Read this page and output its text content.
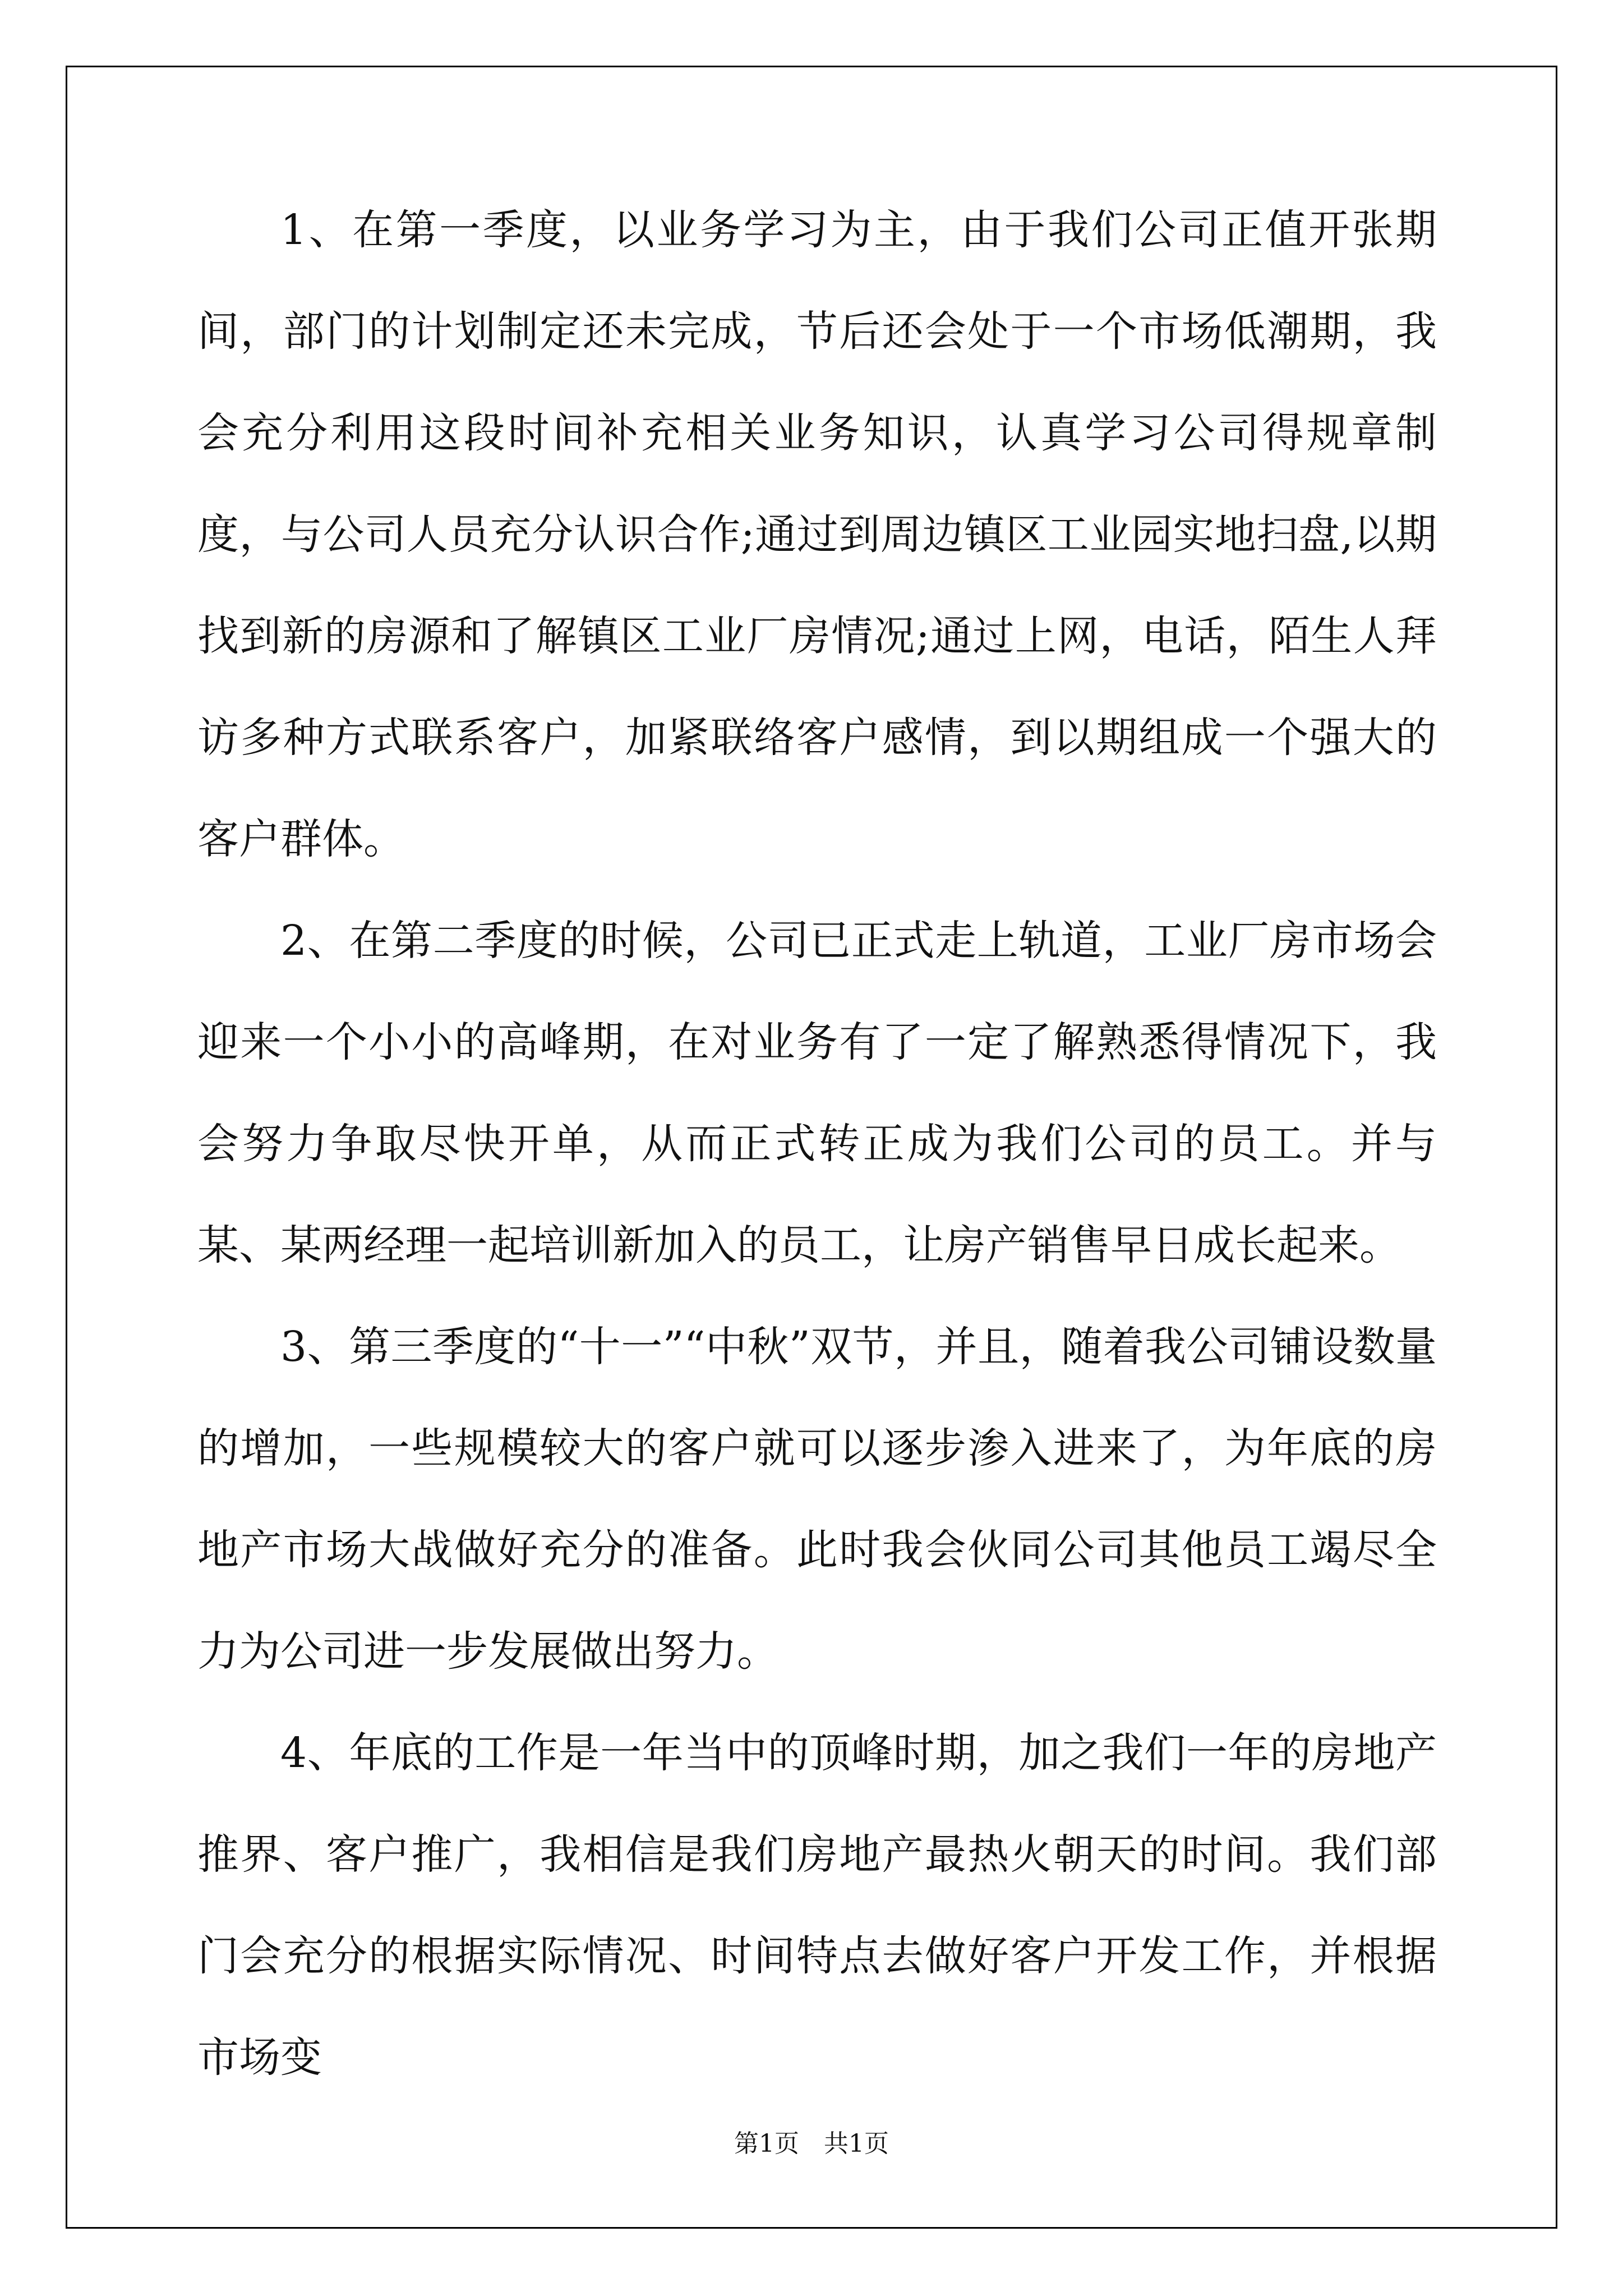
1、在第一季度，以业务学习为主，由于我们公司正值开张期间，部门的计划制定还未完成，节后还会处于一个市场低潮期，我会充分利用这段时间补充相关业务知识，认真学习公司得规章制度，与公司人员充分认识合作;通过到周边镇区工业园实地扫盘,以期找到新的房源和了解镇区工业厂房情况;通过上网，电话，陌生人拜访多种方式联系客户，加紧联络客户感情，到以期组成一个强大的客户群体。

2、在第二季度的时候，公司已正式走上轨道，工业厂房市场会迎来一个小小的高峰期，在对业务有了一定了解熟悉得情况下，我会努力争取尽快开单，从而正式转正成为我们公司的员工。并与某、某两经理一起培训新加入的员工，让房产销售早日成长起来。

3、第三季度的“十一”“中秋”双节，并且，随着我公司铺设数量的增加，一些规模较大的客户就可以逐步渗入进来了，为年底的房地产市场大战做好充分的准备。此时我会伙同公司其他员工竭尽全力为公司进一步发展做出努力。

4、年底的工作是一年当中的顶峰时期，加之我们一年的房地产推界、客户推广，我相信是我们房地产最热火朝天的时间。我们部门会充分的根据实际情况、时间特点去做好客户开发工作，并根据市场变

第1页　共1页
